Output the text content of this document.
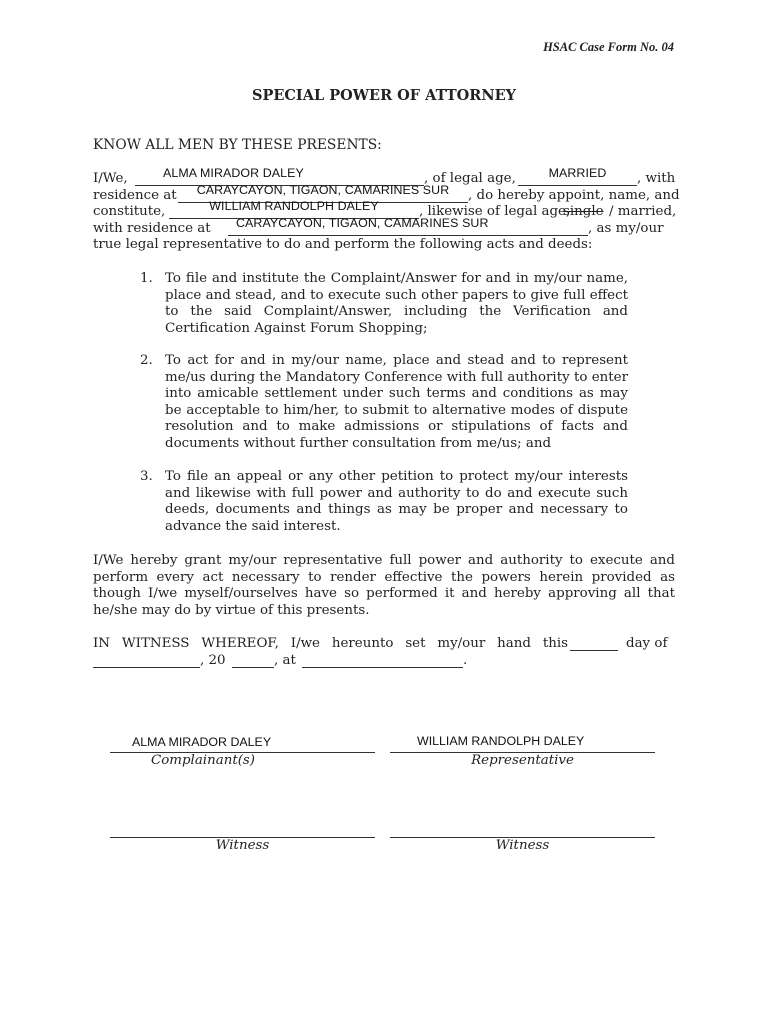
HSAC Case Form No. 04
SPECIAL POWER OF ATTORNEY
KNOW ALL MEN BY THESE PRESENTS:
I/We,	ALMA MIRADOR DALEY	, of legal age,	MARRIED	, with
residence at	CARAYCAYON, TIGAON, CAMARINES SUR	, do hereby appoint, name, and
constitute,	WILLIAM RANDOLPH DALEY	, likewise of legal age,
single / married,
with residence at CARAYCAYON, TIGAON, CAMARINES SUR	, as my/our
true legal representative to do and perform the following acts and deeds:
1. To file and institute the Complaint/Answer for and in my/our name, place and stead, and to execute such other papers to give full effect to the said Complaint/Answer, including the Verification and Certification Against Forum Shopping;
2. To act for and in my/our name, place and stead and to represent me/us during the Mandatory Conference with full authority to enter into amicable settlement under such terms and conditions as may be acceptable to him/her, to submit to alternative modes of dispute resolution and to make admissions or stipulations of facts and documents without further consultation from me/us; and
3. To file an appeal or any other petition to protect my/our interests and likewise with full power and authority to do and execute such deeds, documents and things as may be proper and necessary to advance the said interest.
I/We hereby grant my/our representative full power and authority to execute and perform every act necessary to render effective the powers herein provided as though I/we myself/ourselves have so performed it and hereby approving all that he/she may do by virtue of this presents.
IN WITNESS WHEREOF, I/we hereunto set my/our hand this	day of
, 20	, at	.
ALMA MIRADOR DALEY
Complainant(s)
WILLIAM RANDOLPH DALEY
Representative
Witness	Witness
